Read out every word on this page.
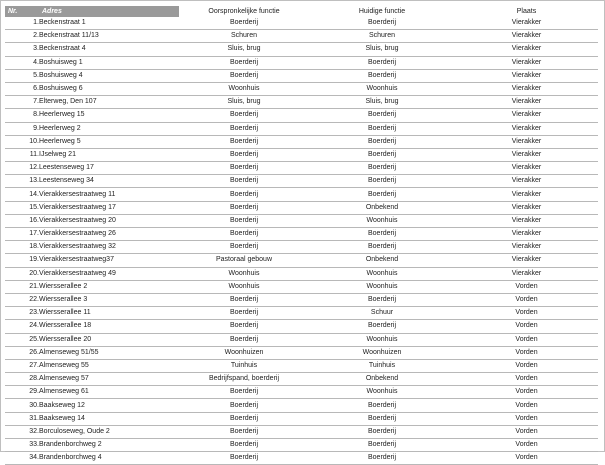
Nr.	Adres	Oorspronkelijke functie	Huidige functie	Plaats
1.	Beckenstraat 1	Boerderij	Boerderij	Vierakker
2.	Beckenstraat 11/13	Schuren	Schuren	Vierakker
3.	Beckenstraat 4	Sluis, brug	Sluis, brug	Vierakker
4.	Boshuisweg 1	Boerderij	Boerderij	Vierakker
5.	Boshuisweg 4	Boerderij	Boerderij	Vierakker
6.	Boshuisweg 6	Woonhuis	Woonhuis	Vierakker
7.	Elterweg, Den 107	Sluis, brug	Sluis, brug	Vierakker
8.	Heerlerweg 15	Boerderij	Boerderij	Vierakker
9.	Heerlerweg 2	Boerderij	Boerderij	Vierakker
10.	Heerlerweg 5	Boerderij	Boerderij	Vierakker
11.	IJselweg 21	Boerderij	Boerderij	Vierakker
12.	Leestenseweg 17	Boerderij	Boerderij	Vierakker
13.	Leestenseweg 34	Boerderij	Boerderij	Vierakker
14.	Vierakkersestraatweg 11	Boerderij	Boerderij	Vierakker
15.	Vierakkersestraatweg 17	Boerderij	Onbekend	Vierakker
16.	Vierakkersestraatweg 20	Boerderij	Woonhuis	Vierakker
17.	Vierakkersestraatweg 26	Boerderij	Boerderij	Vierakker
18.	Vierakkersestraatweg 32	Boerderij	Boerderij	Vierakker
19.	Vierakkersestraatweg37	Pastoraal gebouw	Onbekend	Vierakker
20.	Vierakkersestraatweg 49	Woonhuis	Woonhuis	Vierakker
21.	Wiersserallee 2	Woonhuis	Woonhuis	Vorden
22.	Wiersserallee 3	Boerderij	Boerderij	Vorden
23.	Wiersserallee 11	Boerderij	Schuur	Vorden
24.	Wiersserallee 18	Boerderij	Boerderij	Vorden
25.	Wiersserallee 20	Boerderij	Woonhuis	Vorden
26.	Almenseweg 51/55	Woonhuizen	Woonhuizen	Vorden
27.	Almenseweg 55	Tuinhuis	Tuinhuis	Vorden
28.	Almenseweg 57	Bedrijfspand, boerderij	Onbekend	Vorden
29.	Almenseweg 61	Boerderij	Woonhuis	Vorden
30.	Baakseweg 12	Boerderij	Boerderij	Vorden
31.	Baakseweg 14	Boerderij	Boerderij	Vorden
32.	Borculoseweg, Oude 2	Boerderij	Boerderij	Vorden
33.	Brandenborchweg 2	Boerderij	Boerderij	Vorden
34.	Brandenborchweg 4	Boerderij	Boerderij	Vorden
